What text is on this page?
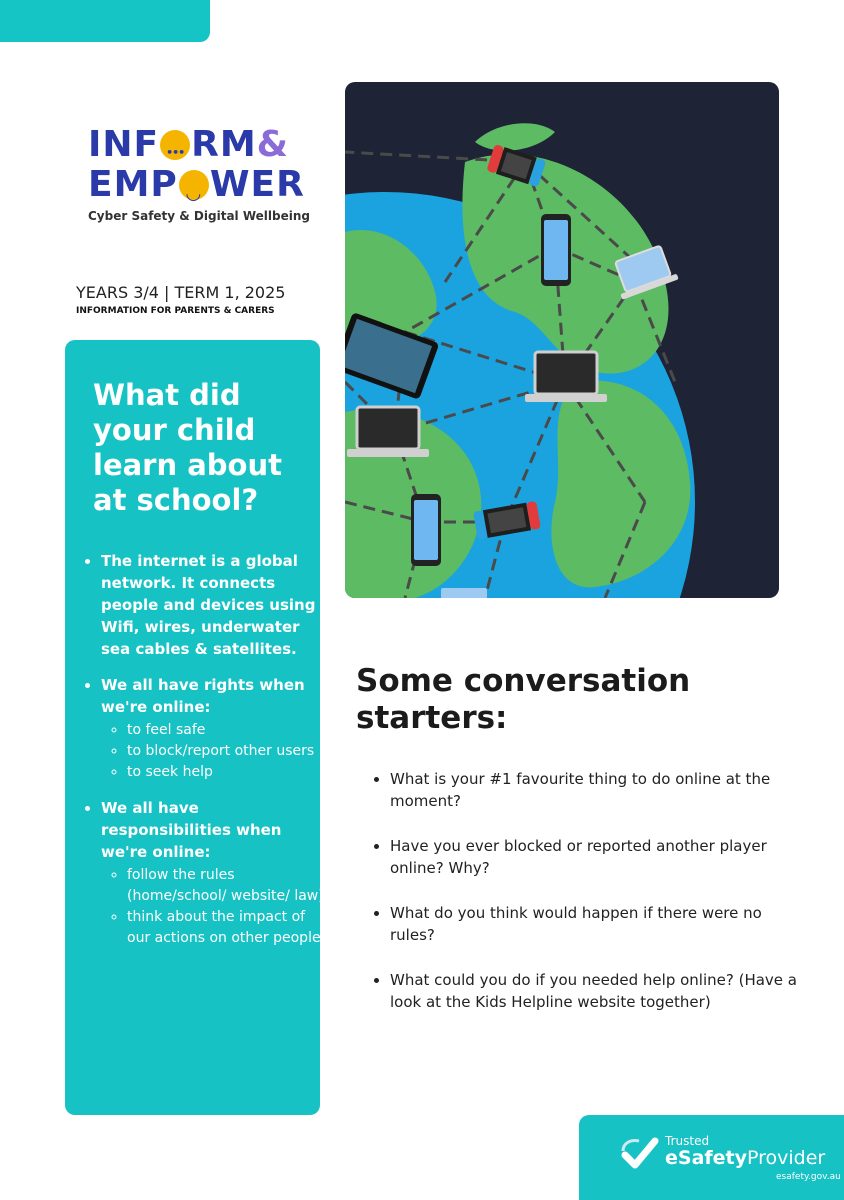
INF ••• RM&
EMP ◡ WER
Cyber Safety & Digital Wellbeing
YEARS 3/4 | TERM 1, 2025
INFORMATION FOR PARENTS & CARERS
What did your child learn about at school?
• The internet is a global network. It connects people and devices using Wifi, wires, underwater sea cables & satellites.
• We all have rights when we're online:
◦ to feel safe
◦ to block/report other users
◦ to seek help
• We all have responsibilities when we're online:
◦ follow the rules (home/school/ website/ law)
◦ think about the impact of our actions on other people
Some conversation starters:
• What is your #1 favourite thing to do online at the moment?
• Have you ever blocked or reported another player online? Why?
• What do you think would happen if there were no rules?
• What could you do if you needed help online? (Have a look at the Kids Helpline website together)
Trusted
eSafetyProvider
esafety.gov.au
